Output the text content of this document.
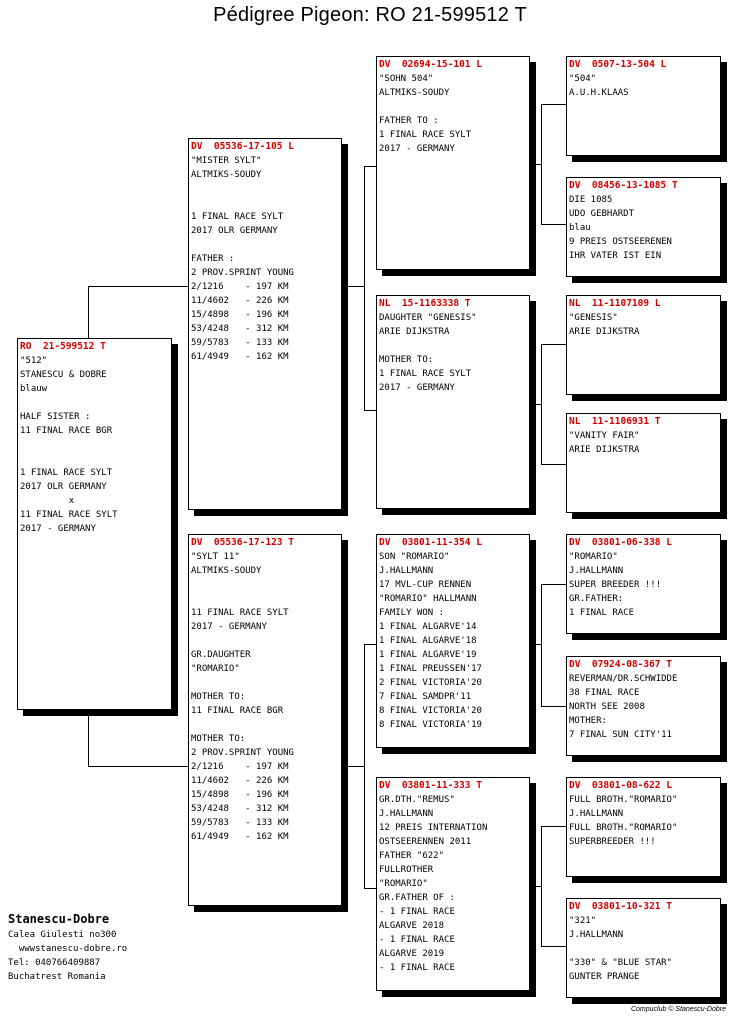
Pédigree Pigeon: RO 21-599512 T
RO  21-599512 T
"512"
STANESCU & DOBRE
blauw
HALF SISTER :
11 FINAL RACE BGR
1 FINAL RACE SYLT
2017 OLR GERMANY
x
11 FINAL RACE SYLT
2017 - GERMANY
DV  05536-17-105 L
"MISTER SYLT"
ALTMIKS-SOUDY
1 FINAL RACE SYLT
2017 OLR GERMANY
FATHER :
2 PROV.SPRINT YOUNG
2/1216    - 197 KM
11/4602   - 226 KM
15/4898   - 196 KM
53/4248   - 312 KM
59/5783   - 133 KM
61/4949   - 162 KM
DV  05536-17-123 T
"SYLT 11"
ALTMIKS-SOUDY
11 FINAL RACE SYLT
2017 - GERMANY
GR.DAUGHTER
"ROMARIO"
MOTHER TO:
11 FINAL RACE BGR
MOTHER TO:
2 PROV.SPRINT YOUNG
2/1216    - 197 KM
11/4602   - 226 KM
15/4898   - 196 KM
53/4248   - 312 KM
59/5783   - 133 KM
61/4949   - 162 KM
DV  02694-15-101 L
"SOHN 504"
ALTMIKS-SOUDY
FATHER TO :
1 FINAL RACE SYLT
2017 - GERMANY
NL  15-1163338 T
DAUGHTER "GENESIS"
ARIE DIJKSTRA
MOTHER TO:
1 FINAL RACE SYLT
2017 - GERMANY
DV  03801-11-354 L
SON "ROMARIO"
J.HALLMANN
17 MVL-CUP RENNEN
"ROMARIO" HALLMANN
FAMILY WON :
1 FINAL ALGARVE'14
1 FINAL ALGARVE'18
1 FINAL ALGARVE'19
1 FINAL PREUSSEN'17
2 FINAL VICTORIA'20
7 FINAL SAMDPR'11
8 FINAL VICTORIA'20
8 FINAL VICTORIA'19
DV  03801-11-333 T
GR.DTH."REMUS"
J.HALLMANN
12 PREIS INTERNATION
OSTSEERENNEN 2011
FATHER "622"
FULLROTHER
"ROMARIO"
GR.FATHER OF :
- 1 FINAL RACE
ALGARVE 2018
- 1 FINAL RACE
ALGARVE 2019
- 1 FINAL RACE
DV  0507-13-504 L
"504"
A.U.H.KLAAS
DV  08456-13-1085 T
DIE 1085
UDO GEBHARDT
blau
9 PREIS OSTSEERENEN
IHR VATER IST EIN
NL  11-1107109 L
"GENESIS"
ARIE DIJKSTRA
NL  11-1106931 T
"VANITY FAIR"
ARIE DIJKSTRA
DV  03801-06-338 L
"ROMARIO"
J.HALLMANN
SUPER BREEDER !!!
GR.FATHER:
1 FINAL RACE
DV  07924-08-367 T
REVERMAN/DR.SCHWIDDE
38 FINAL RACE
NORTH SEE 2008
MOTHER:
7 FINAL SUN CITY'11
DV  03801-08-622 L
FULL BROTH."ROMARIO"
J.HALLMANN
FULL BROTH."ROMARIO"
SUPERBREEDER !!!
DV  03801-10-321 T
"321"
J.HALLMANN
"330" & "BLUE STAR"
GUNTER PRANGE
Stanescu-Dobre
Calea Giulesti no300
wwwstanescu-dobre.ro
Tel: 040766409887
Buchatrest Romania
Compuclub © Stanescu-Dobre
